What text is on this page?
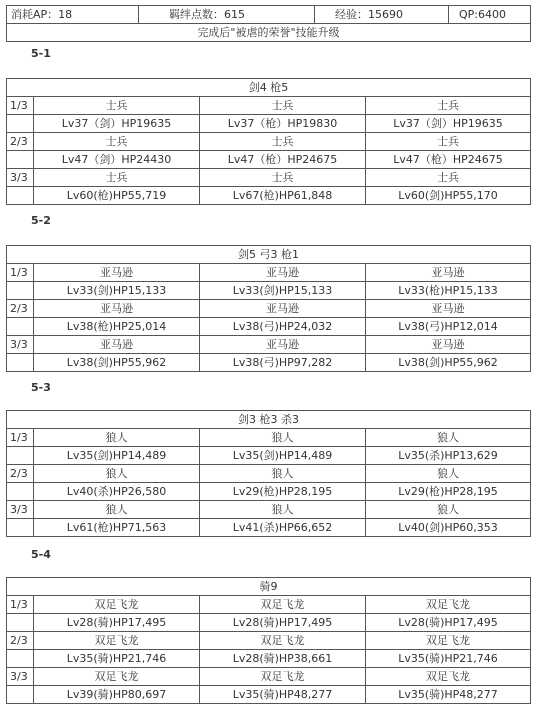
消耗AP：18	羁绊点数：615	经验：15690	QP:6400
完成后"被虐的荣誉"技能升级
5-1
剑4 枪5			
1/3	士兵	士兵	士兵
	Lv37（剑）HP19635	Lv37（枪）HP19830	Lv37（剑）HP19635
2/3	士兵	士兵	士兵
	Lv47（剑）HP24430	Lv47（枪）HP24675	Lv47（枪）HP24675
3/3	士兵	士兵	士兵
	Lv60(枪)HP55,719	Lv67(枪)HP61,848	Lv60(剑)HP55,170
剑5 弓3 枪1			
1/3	亚马逊	亚马逊	亚马逊
	Lv33(剑)HP15,133	Lv33(剑)HP15,133	Lv33(枪)HP15,133
2/3	亚马逊	亚马逊	亚马逊
	Lv38(枪)HP25,014	Lv38(弓)HP24,032	Lv38(弓)HP12,014
3/3	亚马逊	亚马逊	亚马逊
	Lv38(剑)HP55,962	Lv38(弓)HP97,282	Lv38(剑)HP55,962
剑3 枪3 杀3			
1/3	狼人	狼人	狼人
	Lv35(剑)HP14,489	Lv35(剑)HP14,489	Lv35(杀)HP13,629
2/3	狼人	狼人	狼人
	Lv40(杀)HP26,580	Lv29(枪)HP28,195	Lv29(枪)HP28,195
3/3	狼人	狼人	狼人
	Lv61(枪)HP71,563	Lv41(杀)HP66,652	Lv40(剑)HP60,353
骑9			
1/3	双足飞龙	双足飞龙	双足飞龙
	Lv28(骑)HP17,495	Lv28(骑)HP17,495	Lv28(骑)HP17,495
2/3	双足飞龙	双足飞龙	双足飞龙
	Lv35(骑)HP21,746	Lv28(骑)HP38,661	Lv35(骑)HP21,746
3/3	双足飞龙	双足飞龙	双足飞龙
	Lv39(骑)HP80,697	Lv35(骑)HP48,277	Lv35(骑)HP48,277
5-2
5-3
5-4
